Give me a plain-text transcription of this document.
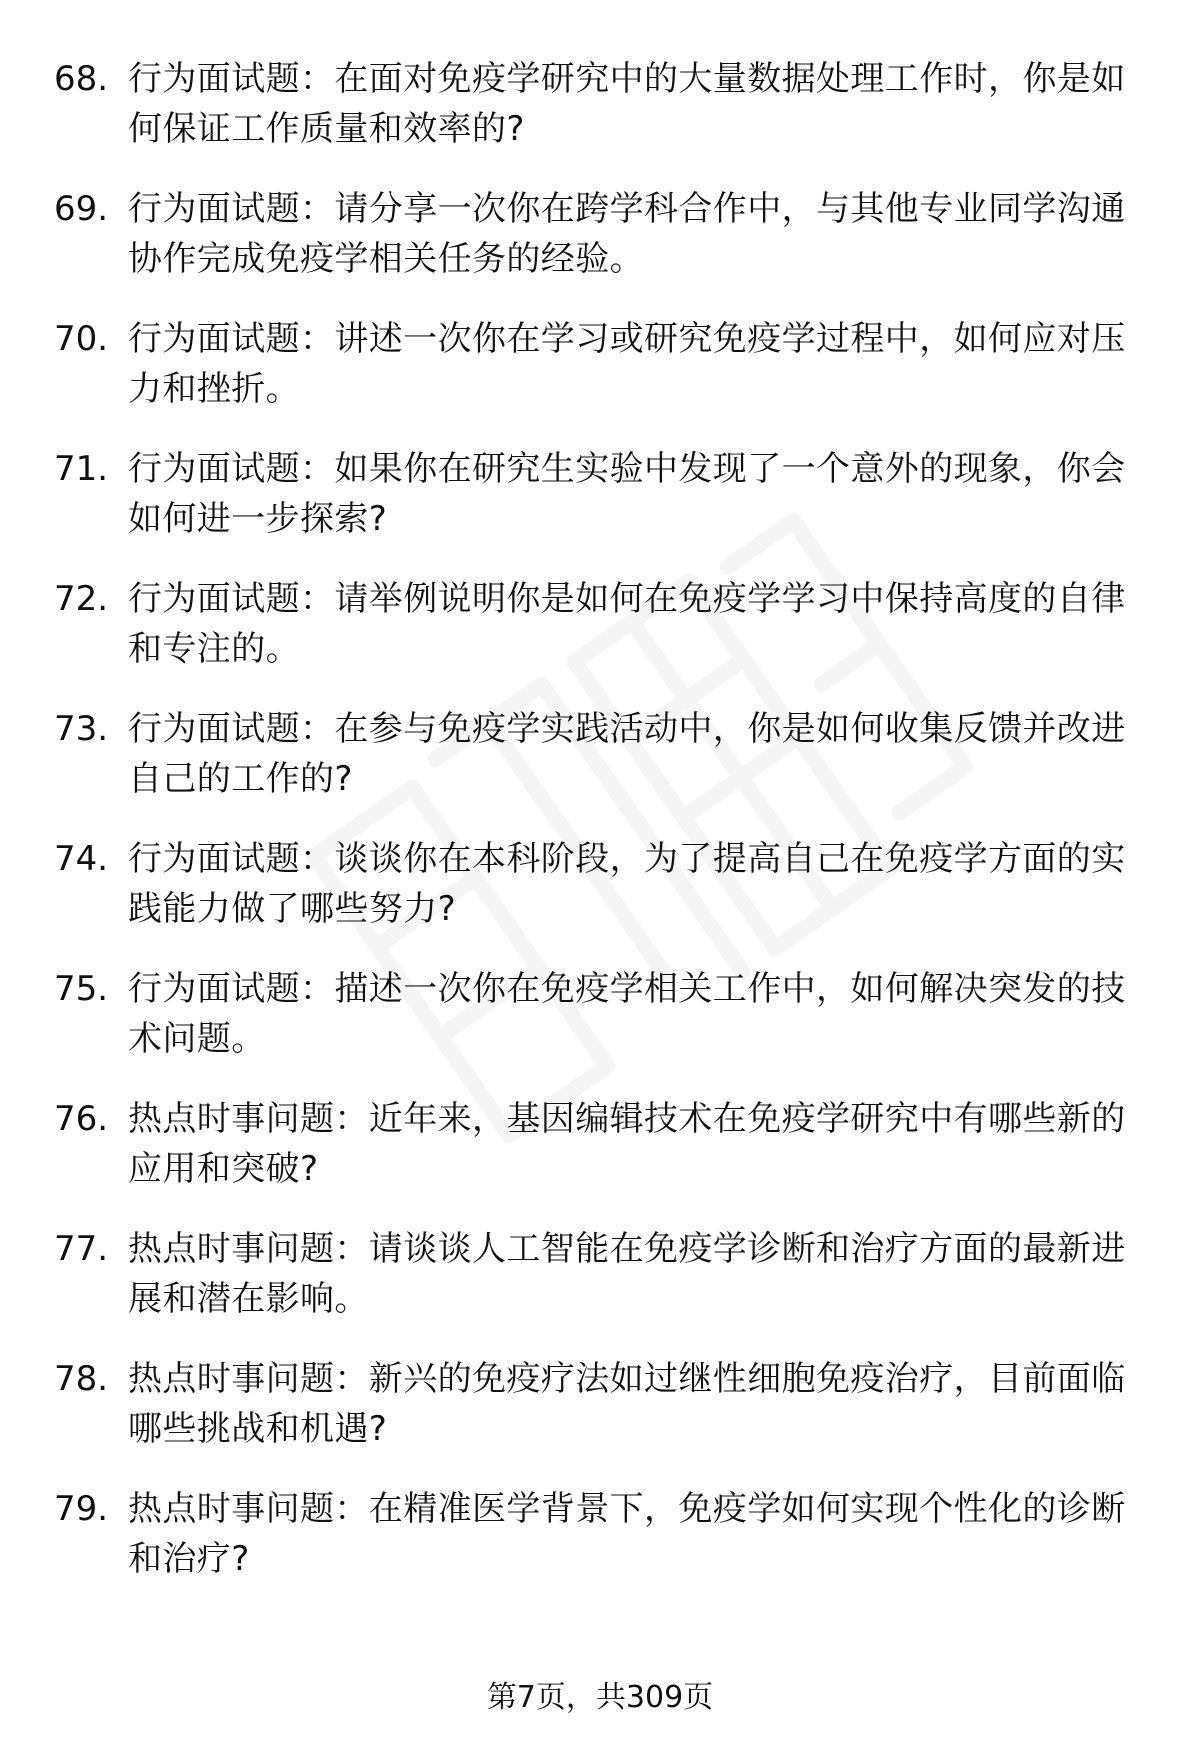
68. 行为面试题：在面对免疫学研究中的大量数据处理工作时，你是如何保证工作质量和效率的?
69. 行为面试题：请分享一次你在跨学科合作中，与其他专业同学沟通协作完成免疫学相关任务的经验。
70. 行为面试题：讲述一次你在学习或研究免疫学过程中，如何应对压力和挫折。
71. 行为面试题：如果你在研究生实验中发现了一个意外的现象，你会如何进一步探索?
72. 行为面试题：请举例说明你是如何在免疫学学习中保持高度的自律和专注的。
73. 行为面试题：在参与免疫学实践活动中，你是如何收集反馈并改进自己的工作的?
74. 行为面试题：谈谈你在本科阶段，为了提高自己在免疫学方面的实践能力做了哪些努力?
75. 行为面试题：描述一次你在免疫学相关工作中，如何解决突发的技术问题。
76. 热点时事问题：近年来，基因编辑技术在免疫学研究中有哪些新的应用和突破?
77. 热点时事问题：请谈谈人工智能在免疫学诊断和治疗方面的最新进展和潜在影响。
78. 热点时事问题：新兴的免疫疗法如过继性细胞免疫治疗，目前面临哪些挑战和机遇?
79. 热点时事问题：在精准医学背景下，免疫学如何实现个性化的诊断和治疗?
第7页，共309页
